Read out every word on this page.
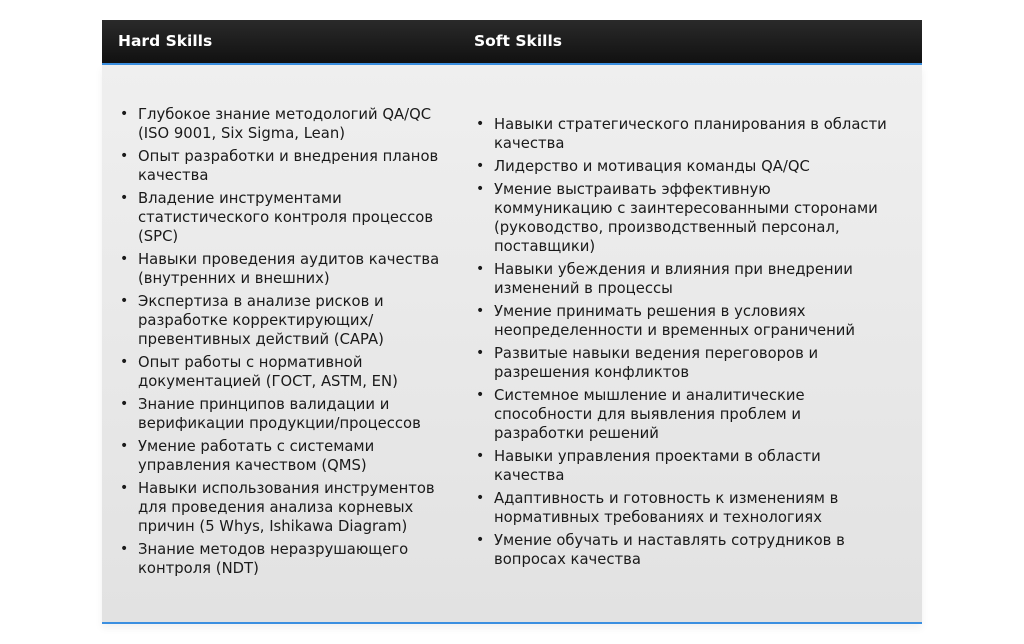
Hard Skills	Soft Skills
• Глубокое знание методологий QA/QC (ISO 9001, Six Sigma, Lean)
• Опыт разработки и внедрения планов качества
• Владение инструментами статистического контроля процессов (SPC)
• Навыки проведения аудитов качества (внутренних и внешних)
• Экспертиза в анализе рисков и разработке корректирующих/превентивных действий (CAPA)
• Опыт работы с нормативной документацией (ГОСТ, ASTM, EN)
• Знание принципов валидации и верификации продукции/процессов
• Умение работать с системами управления качеством (QMS)
• Навыки использования инструментов для проведения анализа корневых причин (5 Whys, Ishikawa Diagram)
• Знание методов неразрушающего контроля (NDT)
• Навыки стратегического планирования в области качества
• Лидерство и мотивация команды QA/QC
• Умение выстраивать эффективную коммуникацию с заинтересованными сторонами (руководство, производственный персонал, поставщики)
• Навыки убеждения и влияния при внедрении изменений в процессы
• Умение принимать решения в условиях неопределенности и временных ограничений
• Развитые навыки ведения переговоров и разрешения конфликтов
• Системное мышление и аналитические способности для выявления проблем и разработки решений
• Навыки управления проектами в области качества
• Адаптивность и готовность к изменениям в нормативных требованиях и технологиях
• Умение обучать и наставлять сотрудников в вопросах качества
